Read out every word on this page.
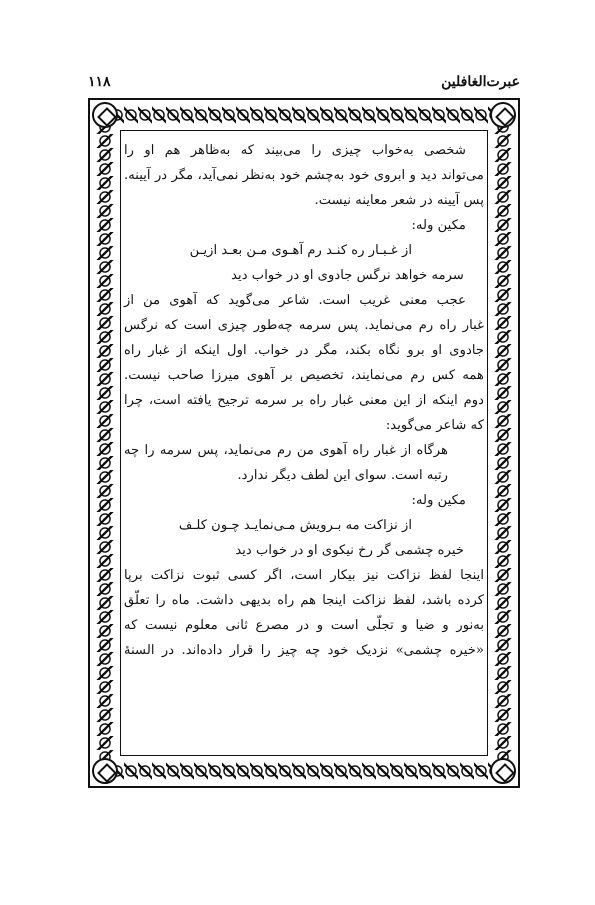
عبرت‌الغافلین
۱۱۸

شخصی به‌خواب چیزی را می‌بیند که به‌ظاهر هم او را

می‌تواند دید و ابروی خود به‌چشم خود به‌نظر نمی‌آید، مگر در آیینه.

پس آیینه در شعر معاینه نیست.

مکین وله:

از غـبـار ره کنـد رم آهـوی مـن بعـد ازیـن

سرمه خواهد نرگس جادوی او در خواب دید

عجب معنی غریب است. شاعر می‌گوید که آهوی من از

غبار راه رم می‌نماید. پس سرمه چه‌طور چیزی است که نرگس

جادوی او برو نگاه بکند، مگر در خواب. اول اینکه از غبار راه

همه کس رم می‌نمایند، تخصیص بر آهوی میرزا صاحب نیست.

دوم اینکه از این معنی غبار راه بر سرمه ترجیح یافته است، چرا

که شاعر می‌گوید:

هرگاه از غبار راه آهوی من رم می‌نماید، پس سرمه را چه

رتبه است. سوای این لطف دیگر ندارد.

مکین وله:

از نزاکت مه بـرویش مـی‌نمایـد چـون کلـف

خیره چشمی گر رخ نیکوی او در خواب دید

اینجا لفظ نزاکت نیز بیکار است، اگر کسی ثبوت نزاکت برپا

کرده باشد، لفظ نزاکت اینجا هم راه بدیهی داشت. ماه را تعلّق

به‌نور و ضیا و تجلّی است و در مصرع ثانی معلوم نیست که

«خیره چشمی» نزدیک خود چه چیز را قرار داده‌اند. در السنهٔ
